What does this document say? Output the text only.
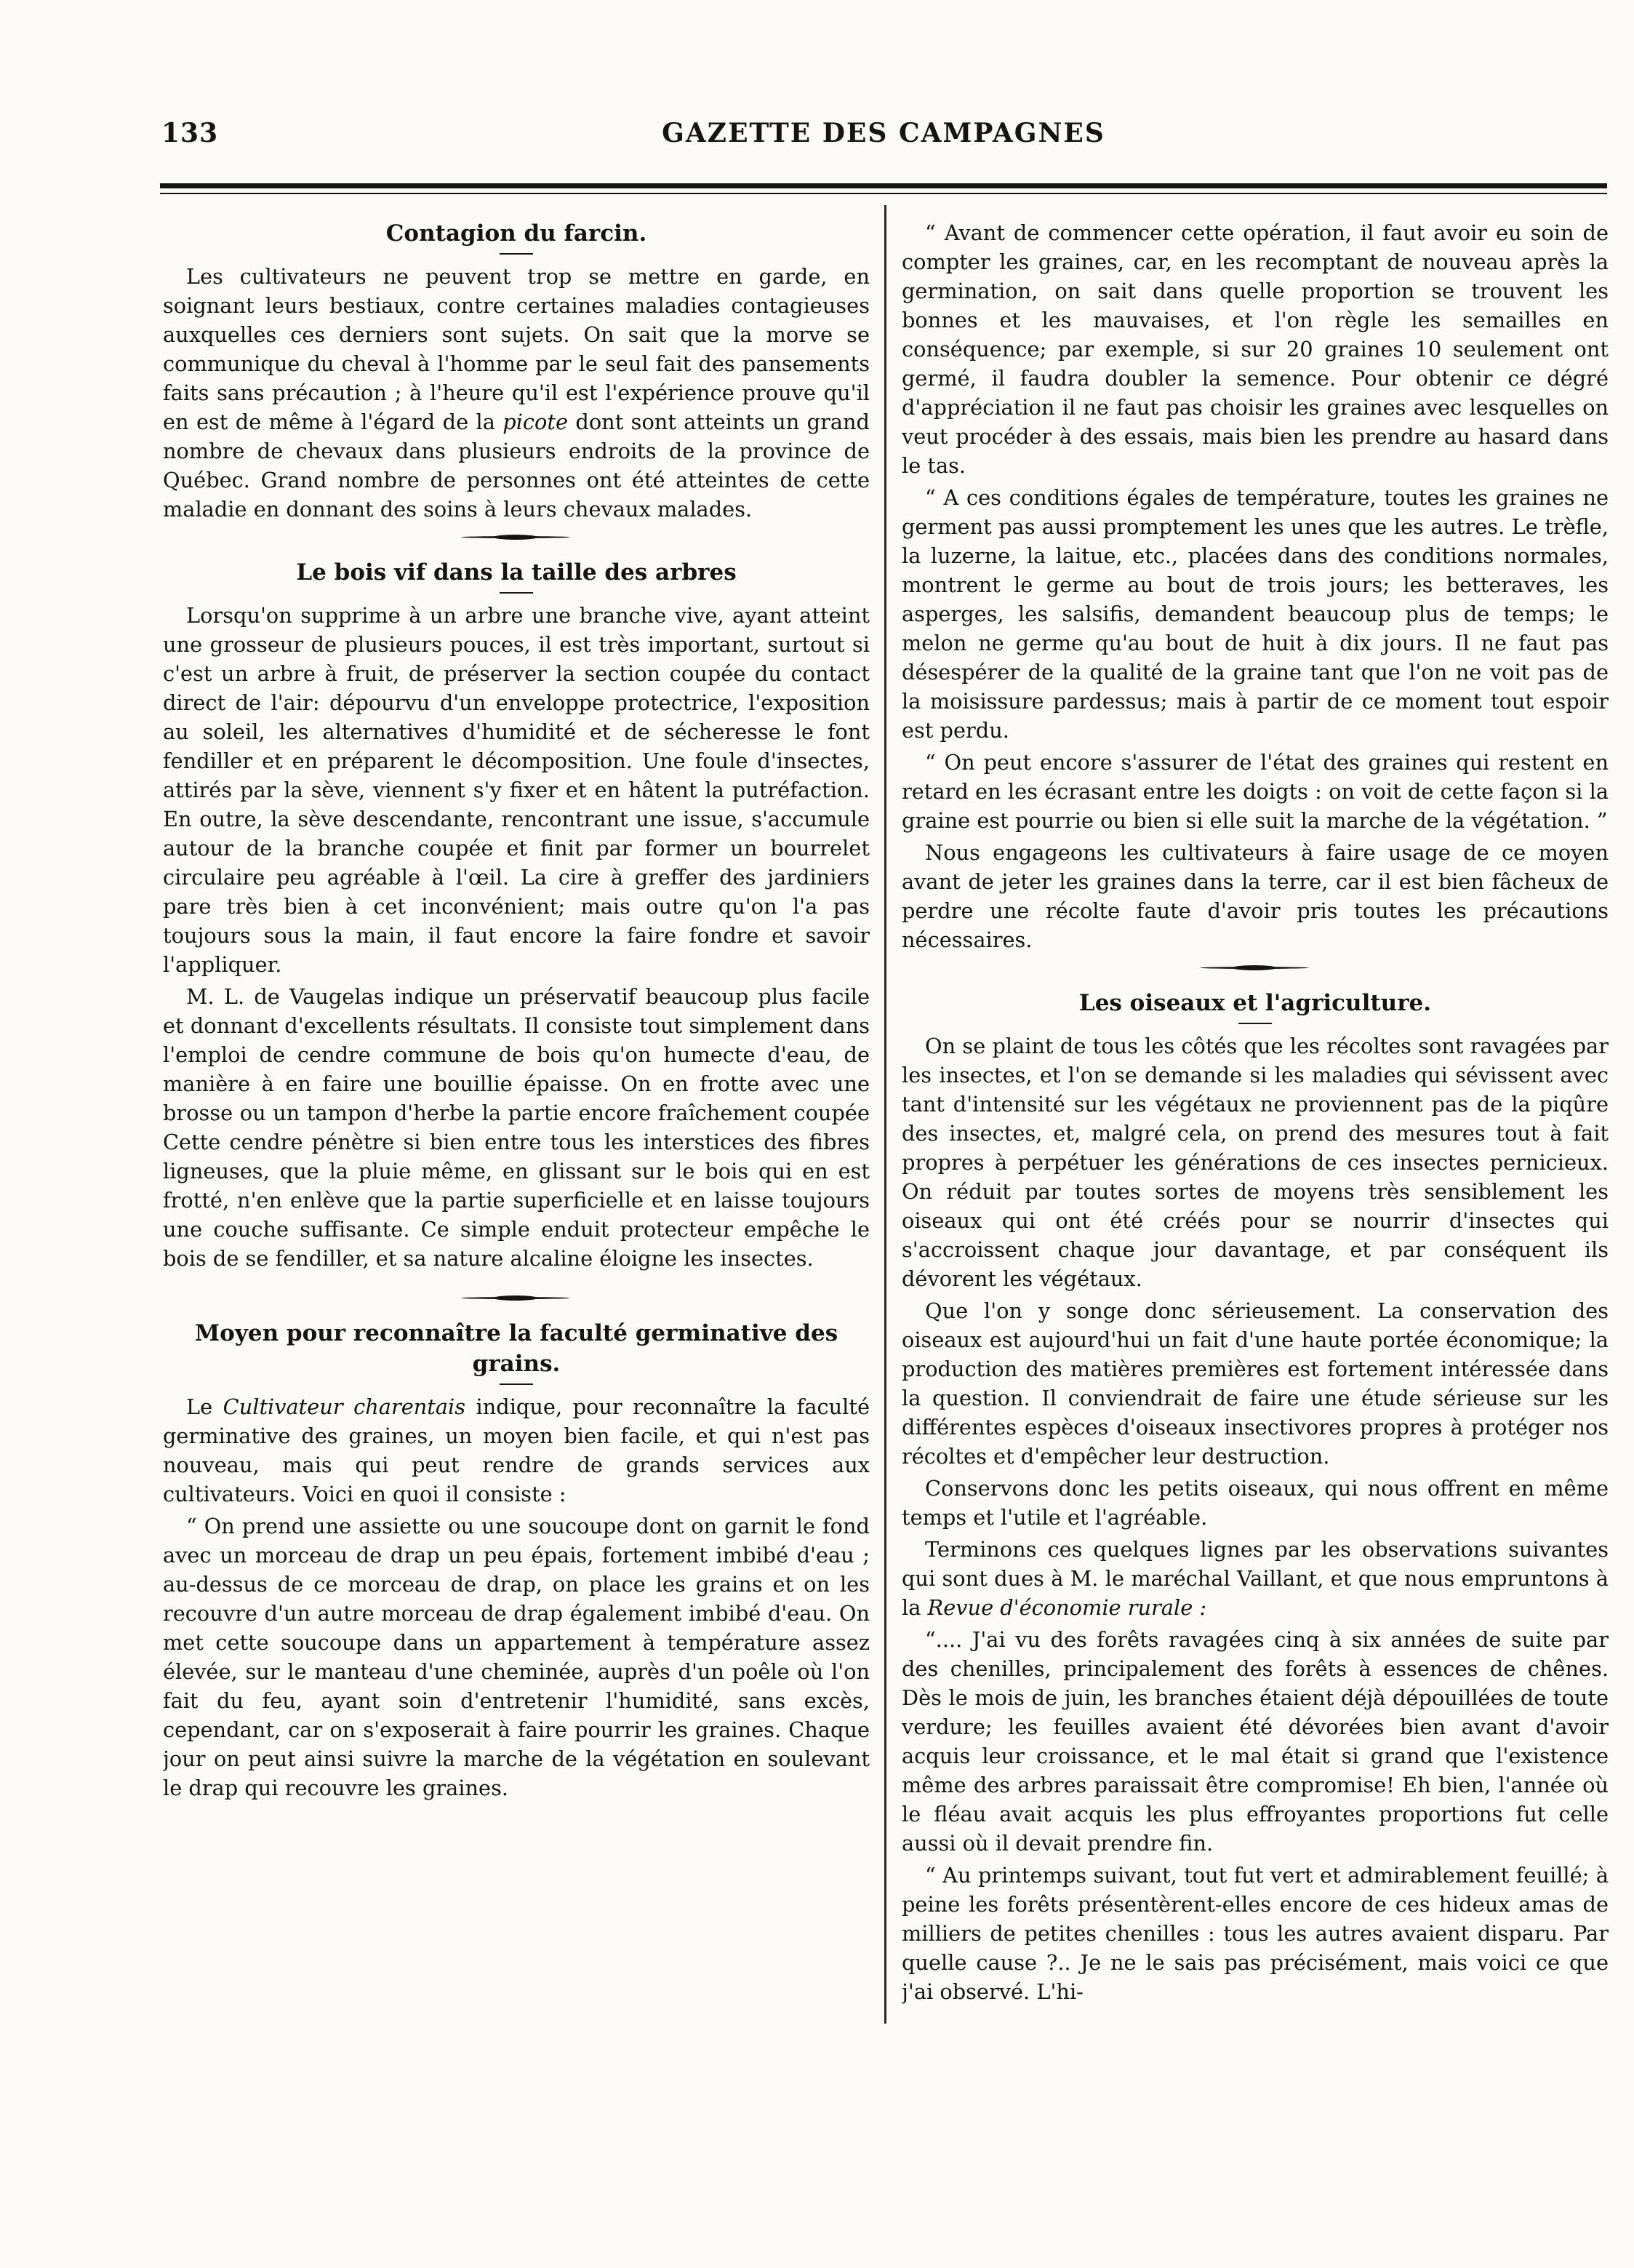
133	GAZETTE DES CAMPAGNES
Contagion du farcin.

Les cultivateurs ne peuvent trop se mettre en garde, en soignant leurs bestiaux, contre certaines maladies contagieuses auxquelles ces derniers sont sujets. On sait que la morve se communique du cheval à l'homme par le seul fait des pansements faits sans précaution ; à l'heure qu'il est l'expérience prouve qu'il en est de même à l'égard de la picote dont sont atteints un grand nombre de chevaux dans plusieurs endroits de la province de Québec. Grand nombre de personnes ont été atteintes de cette maladie en donnant des soins à leurs chevaux malades.

Le bois vif dans la taille des arbres

Lorsqu'on supprime à un arbre une branche vive, ayant atteint une grosseur de plusieurs pouces, il est très important, surtout si c'est un arbre à fruit, de préserver la section coupée du contact direct de l'air: dépourvu d'un enveloppe protectrice, l'exposition au soleil, les alternatives d'humidité et de sécheresse le font fendiller et en préparent le décomposition. Une foule d'insectes, attirés par la sève, viennent s'y fixer et en hâtent la putréfaction. En outre, la sève descendante, rencontrant une issue, s'accumule autour de la branche coupée et finit par former un bourrelet circulaire peu agréable à l'œil. La cire à greffer des jardiniers pare très bien à cet inconvénient; mais outre qu'on l'a pas toujours sous la main, il faut encore la faire fondre et savoir l'appliquer.

M. L. de Vaugelas indique un préservatif beaucoup plus facile et donnant d'excellents résultats. Il consiste tout simplement dans l'emploi de cendre commune de bois qu'on humecte d'eau, de manière à en faire une bouillie épaisse. On en frotte avec une brosse ou un tampon d'herbe la partie encore fraîchement coupée Cette cendre pénètre si bien entre tous les interstices des fibres ligneuses, que la pluie même, en glissant sur le bois qui en est frotté, n'en enlève que la partie superficielle et en laisse toujours une couche suffisante. Ce simple enduit protecteur empêche le bois de se fendiller, et sa nature alcaline éloigne les insectes.

Moyen pour reconnaître la faculté germinative des grains.

Le Cultivateur charentais indique, pour reconnaître la faculté germinative des graines, un moyen bien facile, et qui n'est pas nouveau, mais qui peut rendre de grands services aux cultivateurs. Voici en quoi il consiste :

“ On prend une assiette ou une soucoupe dont on garnit le fond avec un morceau de drap un peu épais, fortement imbibé d'eau ; au-dessus de ce morceau de drap, on place les grains et on les recouvre d'un autre morceau de drap également imbibé d'eau. On met cette soucoupe dans un appartement à température assez élevée, sur le manteau d'une cheminée, auprès d'un poêle où l'on fait du feu, ayant soin d'entretenir l'humidité, sans excès, cependant, car on s'exposerait à faire pourrir les graines. Chaque jour on peut ainsi suivre la marche de la végétation en soulevant le drap qui recouvre les graines.

“ Avant de commencer cette opération, il faut avoir eu soin de compter les graines, car, en les recomptant de nouveau après la germination, on sait dans quelle proportion se trouvent les bonnes et les mauvaises, et l'on règle les semailles en conséquence; par exemple, si sur 20 graines 10 seulement ont germé, il faudra doubler la semence. Pour obtenir ce dégré d'appréciation il ne faut pas choisir les graines avec lesquelles on veut procéder à des essais, mais bien les prendre au hasard dans le tas.

“ A ces conditions égales de température, toutes les graines ne germent pas aussi promptement les unes que les autres. Le trèfle, la luzerne, la laitue, etc., placées dans des conditions normales, montrent le germe au bout de trois jours; les betteraves, les asperges, les salsifis, demandent beaucoup plus de temps; le melon ne germe qu'au bout de huit à dix jours. Il ne faut pas désespérer de la qualité de la graine tant que l'on ne voit pas de la moisissure pardessus; mais à partir de ce moment tout espoir est perdu.

“ On peut encore s'assurer de l'état des graines qui restent en retard en les écrasant entre les doigts : on voit de cette façon si la graine est pourrie ou bien si elle suit la marche de la végétation. ”

Nous engageons les cultivateurs à faire usage de ce moyen avant de jeter les graines dans la terre, car il est bien fâcheux de perdre une récolte faute d'avoir pris toutes les précautions nécessaires.

Les oiseaux et l'agriculture.

On se plaint de tous les côtés que les récoltes sont ravagées par les insectes, et l'on se demande si les maladies qui sévissent avec tant d'intensité sur les végétaux ne proviennent pas de la piqûre des insectes, et, malgré cela, on prend des mesures tout à fait propres à perpétuer les générations de ces insectes pernicieux. On réduit par toutes sortes de moyens très sensiblement les oiseaux qui ont été créés pour se nourrir d'insectes qui s'accroissent chaque jour davantage, et par conséquent ils dévorent les végétaux.

Que l'on y songe donc sérieusement. La conservation des oiseaux est aujourd'hui un fait d'une haute portée économique; la production des matières premières est fortement intéressée dans la question. Il conviendrait de faire une étude sérieuse sur les différentes espèces d'oiseaux insectivores propres à protéger nos récoltes et d'empêcher leur destruction.

Conservons donc les petits oiseaux, qui nous offrent en même temps et l'utile et l'agréable.

Terminons ces quelques lignes par les observations suivantes qui sont dues à M. le maréchal Vaillant, et que nous empruntons à la Revue d'économie rurale :

“.... J'ai vu des forêts ravagées cinq à six années de suite par des chenilles, principalement des forêts à essences de chênes. Dès le mois de juin, les branches étaient déjà dépouillées de toute verdure; les feuilles avaient été dévorées bien avant d'avoir acquis leur croissance, et le mal était si grand que l'existence même des arbres paraissait être compromise! Eh bien, l'année où le fléau avait acquis les plus effroyantes proportions fut celle aussi où il devait prendre fin.

“ Au printemps suivant, tout fut vert et admirablement feuillé; à peine les forêts présentèrent-elles encore de ces hideux amas de milliers de petites chenilles : tous les autres avaient disparu. Par quelle cause ?.. Je ne le sais pas précisément, mais voici ce que j'ai observé. L'hi-
